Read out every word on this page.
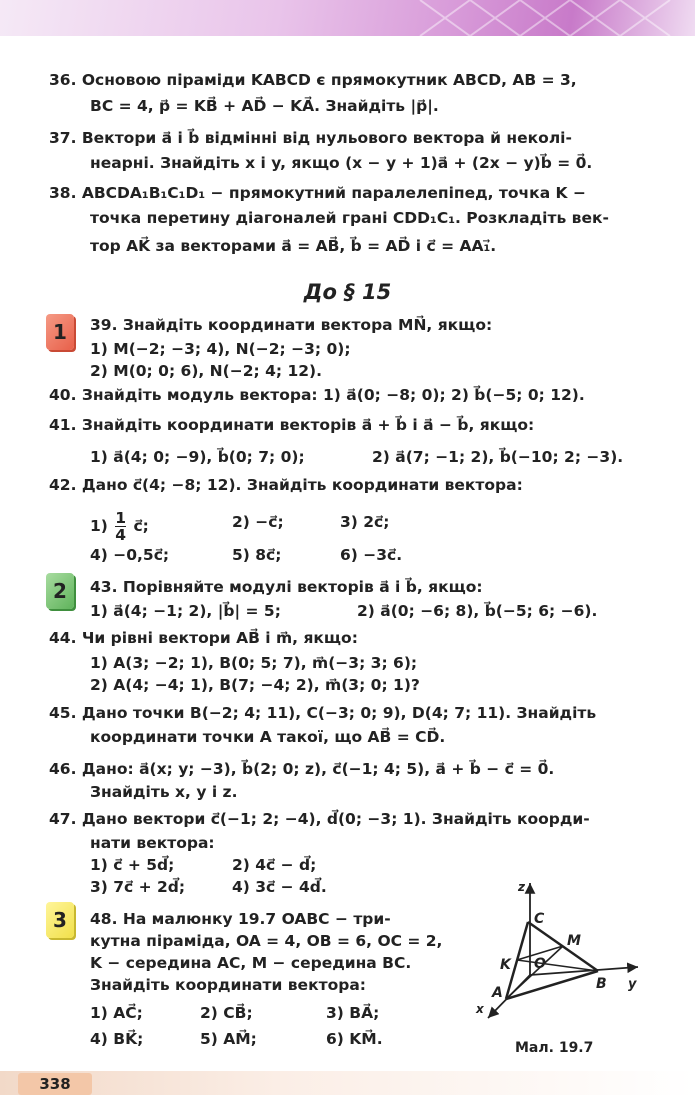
36. Основою піраміди KABCD є прямокутник ABCD, AB = 3,
BC = 4, p⃗ = KB⃗ + AD⃗ − KA⃗. Знайдіть |p⃗|.
37. Вектори a⃗ і b⃗ відмінні від нульового вектора й неколі-
неарні. Знайдіть x і y, якщо (x − y + 1)a⃗ + (2x − y)b⃗ = 0⃗.
38. ABCDA₁B₁C₁D₁ − прямокутний паралелепіпед, точка K −
точка перетину діагоналей грані CDD₁C₁. Розкладіть век-
тор AK⃗ за векторами a⃗ = AB⃗, b⃗ = AD⃗ і c⃗ = AA₁⃗.
До § 15
1
2
3
39. Знайдіть координати вектора MN⃗, якщо:
1) M(−2; −3; 4), N(−2; −3; 0);
2) M(0; 0; 6), N(−2; 4; 12).
40. Знайдіть модуль вектора: 1) a⃗(0; −8; 0); 2) b⃗(−5; 0; 12).
41. Знайдіть координати векторів a⃗ + b⃗ і a⃗ − b⃗, якщо:
1) a⃗(4; 0; −9), b⃗(0; 7; 0);	2) a⃗(7; −1; 2), b⃗(−10; 2; −3).
42. Дано c⃗(4; −8; 12). Знайдіть координати вектора:
$1) \frac{1}{4}$ c⃗;	2) −c⃗;	3) 2c⃗;
4) −0,5c⃗;	5) 8c⃗;	6) −3c⃗.
43. Порівняйте модулі векторів a⃗ і b⃗, якщо:
1) a⃗(4; −1; 2), |b⃗| = 5;	2) a⃗(0; −6; 8), b⃗(−5; 6; −6).
44. Чи рівні вектори AB⃗ і m⃗, якщо:
1) A(3; −2; 1), B(0; 5; 7), m⃗(−3; 3; 6);
2) A(4; −4; 1), B(7; −4; 2), m⃗(3; 0; 1)?
45. Дано точки B(−2; 4; 11), C(−3; 0; 9), D(4; 7; 11). Знайдіть
координати точки A такої, що AB⃗ = CD⃗.
46. Дано: a⃗(x; y; −3), b⃗(2; 0; z), c⃗(−1; 4; 5), a⃗ + b⃗ − c⃗ = 0⃗.
Знайдіть x, y і z.
47. Дано вектори c⃗(−1; 2; −4), d⃗(0; −3; 1). Знайдіть коорди-
нати вектора:
1) c⃗ + 5d⃗;	2) 4c⃗ − d⃗;
3) 7c⃗ + 2d⃗;	4) 3c⃗ − 4d⃗.
48. На малюнку 19.7 OABC − три-
кутна піраміда, OA = 4, OB = 6, OC = 2,
K − середина AC, M − середина BC.
Знайдіть координати вектора:
1) AC⃗;	2) CB⃗;	3) BA⃗;
4) BK⃗;	5) AM⃗;	6) KM⃗.
z
y
x
C
M
K O
A
B
Мал. 19.7
338
